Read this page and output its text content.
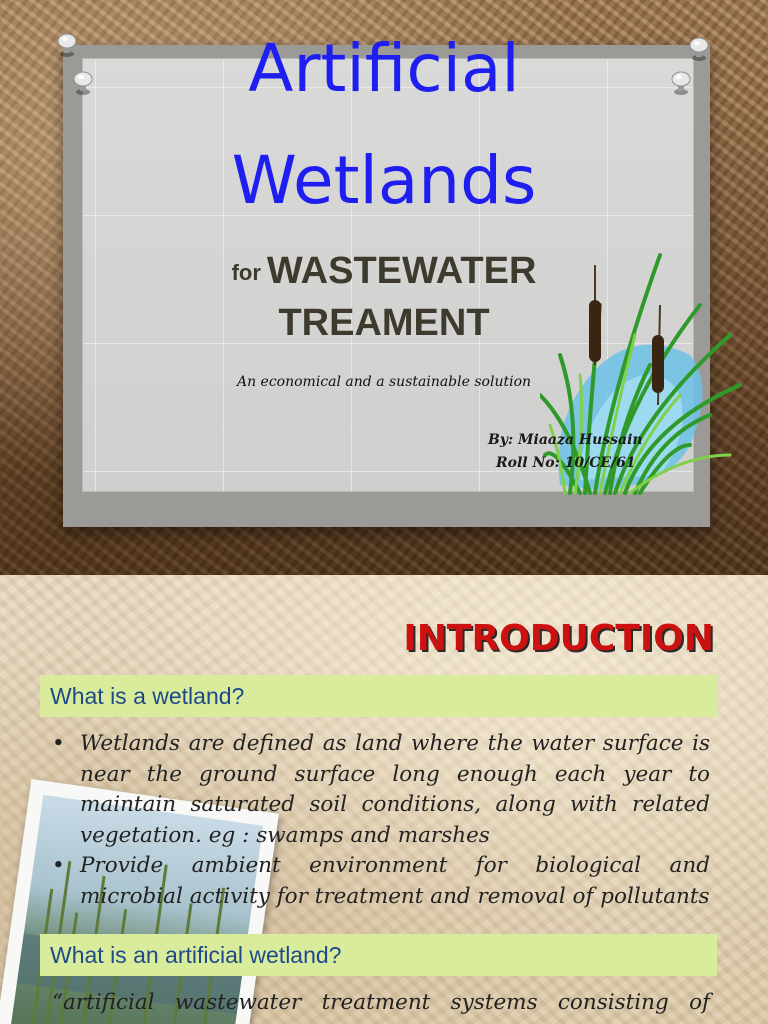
Artificial
Wetlands
for WASTEWATER
TREAMENT
An economical and a sustainable solution
By: Miaaza Hussain
Roll No: 10/CE/61
INTRODUCTION
What is a wetland?
• Wetlands are defined as land where the water surface is near the ground surface long enough each year to maintain saturated soil conditions, along with related vegetation. eg : swamps and marshes
• Provide ambient environment for biological and microbial activity for treatment and removal of pollutants
What is an artificial wetland?
“artificial wastewater treatment systems consisting of
